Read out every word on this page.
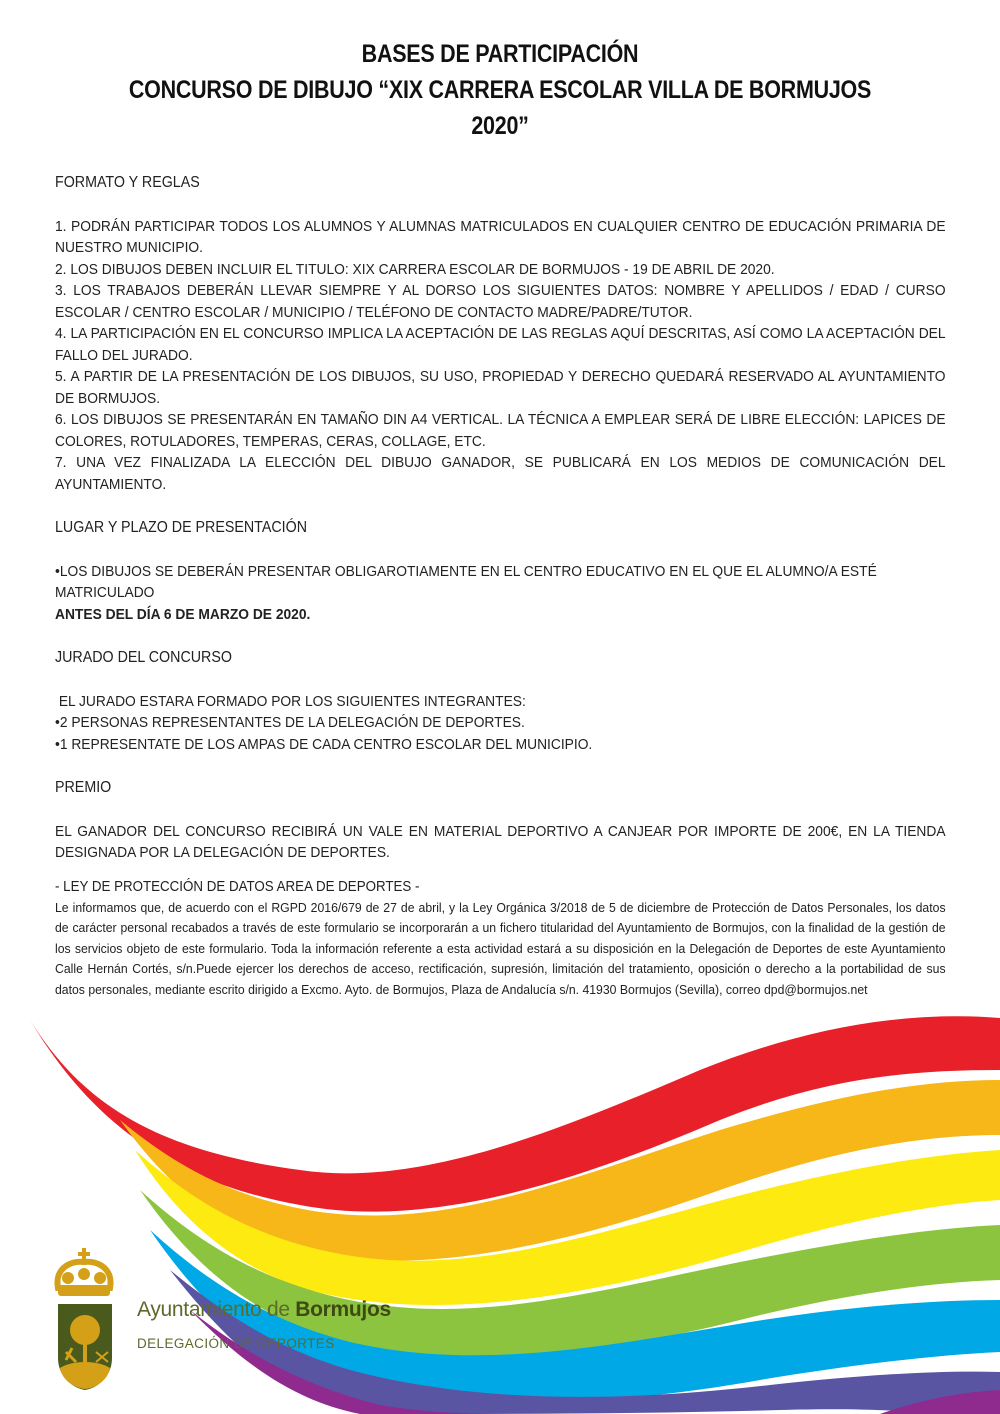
BASES DE PARTICIPACIÓN
CONCURSO DE DIBUJO “XIX CARRERA ESCOLAR VILLA DE BORMUJOS
2020”

FORMATO Y REGLAS

1. PODRÁN PARTICIPAR TODOS LOS ALUMNOS Y ALUMNAS MATRICULADOS EN CUALQUIER CENTRO DE EDUCACIÓN PRIMARIA DE NUESTRO MUNICIPIO.

2. LOS DIBUJOS DEBEN INCLUIR EL TITULO: XIX CARRERA ESCOLAR DE BORMUJOS - 19 DE ABRIL DE 2020.

3. LOS TRABAJOS DEBERÁN LLEVAR SIEMPRE Y AL DORSO LOS SIGUIENTES DATOS: NOMBRE Y APELLIDOS / EDAD / CURSO ESCOLAR / CENTRO ESCOLAR / MUNICIPIO / TELÉFONO DE CONTACTO MADRE/PADRE/TUTOR.

4. LA PARTICIPACIÓN EN EL CONCURSO IMPLICA LA ACEPTACIÓN DE LAS REGLAS AQUÍ DESCRITAS, ASÍ COMO LA ACEPTACIÓN DEL FALLO DEL JURADO.

5. A PARTIR DE LA PRESENTACIÓN DE LOS DIBUJOS, SU USO, PROPIEDAD Y DERECHO QUEDARÁ RESERVADO AL AYUNTAMIENTO DE BORMUJOS.

6. LOS DIBUJOS SE PRESENTARÁN EN TAMAÑO DIN A4 VERTICAL. LA TÉCNICA A EMPLEAR SERÁ DE LIBRE ELECCIÓN: LAPICES DE COLORES, ROTULADORES, TEMPERAS, CERAS, COLLAGE, ETC.

7. UNA VEZ FINALIZADA LA ELECCIÓN DEL DIBUJO GANADOR, SE PUBLICARÁ EN LOS MEDIOS DE COMUNICACIÓN DEL AYUNTAMIENTO.

LUGAR Y PLAZO DE PRESENTACIÓN

•LOS DIBUJOS SE DEBERÁN PRESENTAR OBLIGAROTIAMENTE EN EL CENTRO EDUCATIVO EN EL QUE EL ALUMNO/A ESTÉ MATRICULADO

ANTES DEL DÍA 6 DE MARZO DE 2020.

JURADO DEL CONCURSO

EL JURADO ESTARA FORMADO POR LOS SIGUIENTES INTEGRANTES:

•2 PERSONAS REPRESENTANTES DE LA DELEGACIÓN DE DEPORTES.

•1 REPRESENTATE DE LOS AMPAS DE CADA CENTRO ESCOLAR DEL MUNICIPIO.

PREMIO

EL GANADOR DEL CONCURSO RECIBIRÁ UN VALE EN MATERIAL DEPORTIVO A CANJEAR POR IMPORTE DE 200€, EN LA TIENDA DESIGNADA POR LA DELEGACIÓN DE DEPORTES.

- LEY DE PROTECCIÓN DE DATOS AREA DE DEPORTES -

Le informamos que, de acuerdo con el RGPD 2016/679 de 27 de abril, y la Ley Orgánica 3/2018 de 5 de diciembre de Protección de Datos Personales, los datos de carácter personal recabados a través de este formulario se incorporarán a un fichero titularidad del Ayuntamiento de Bormujos, con la finalidad de la gestión de los servicios objeto de este formulario. Toda la información referente a esta actividad estará a su disposición en la Delegación de Deportes de este Ayuntamiento Calle Hernán Cortés, s/n.Puede ejercer los derechos de acceso, rectificación, supresión, limitación del tratamiento, oposición o derecho a la portabilidad de sus datos personales, mediante escrito dirigido a Excmo. Ayto. de Bormujos, Plaza de Andalucía s/n. 41930 Bormujos (Sevilla), correo dpd@bormujos.net

Ayuntamiento de Bormujos
DELEGACIÓN DE DEPORTES
